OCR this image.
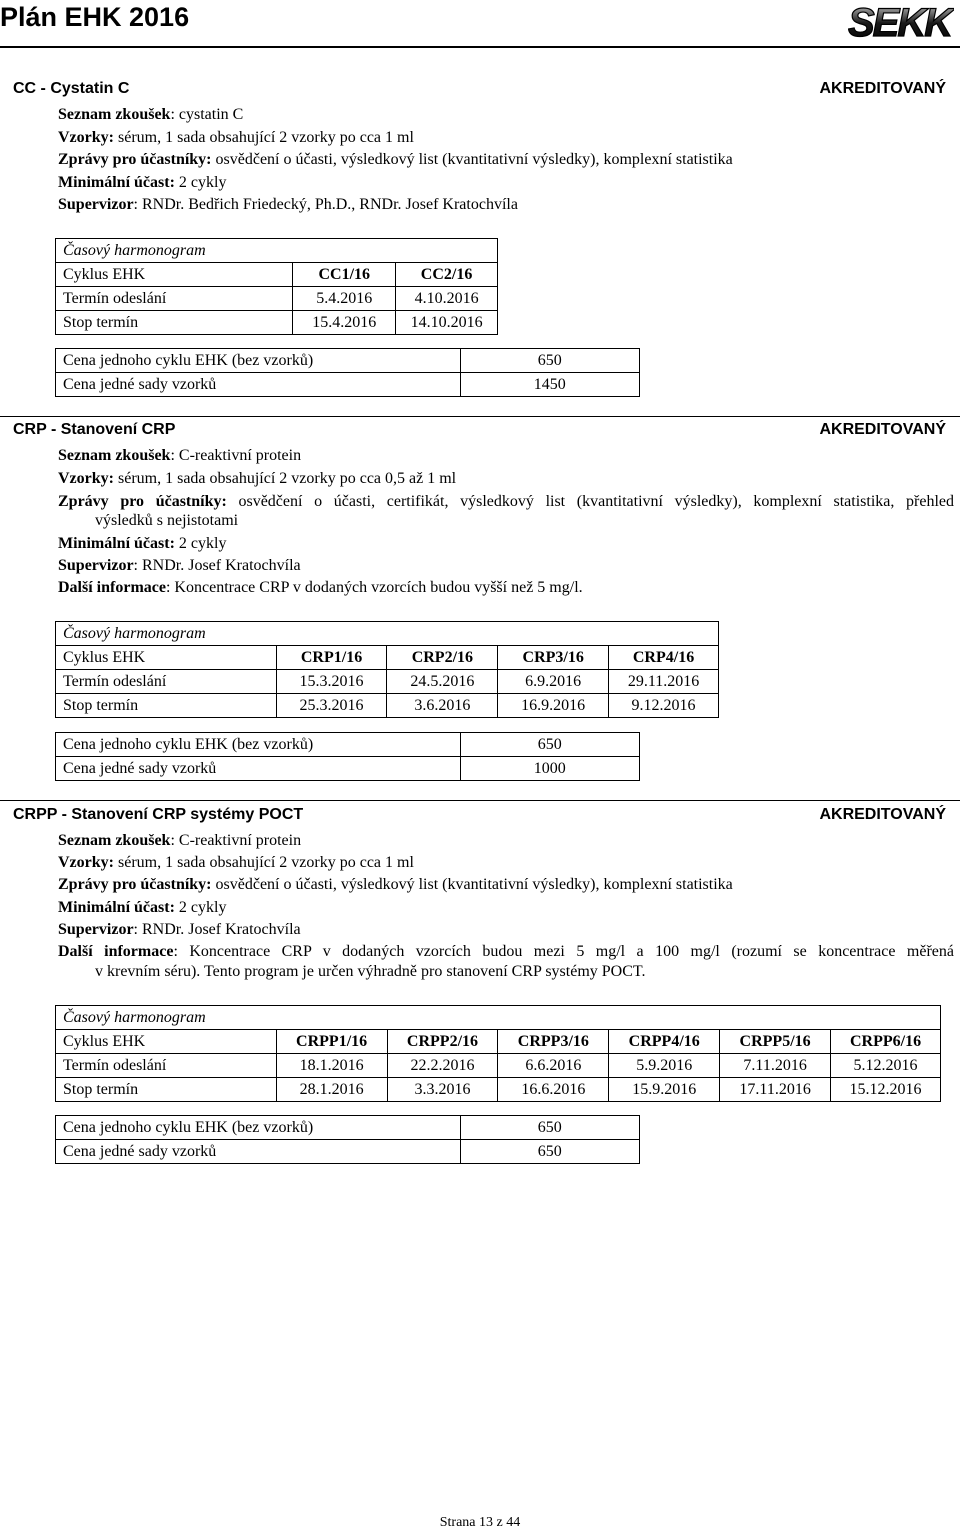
Plán EHK 2016	SEKK
CC - Cystatin C	AKREDITOVANÝ
Seznam zkoušek: cystatin C
Vzorky: sérum, 1 sada obsahující 2 vzorky po cca 1 ml
Zprávy pro účastníky: osvědčení o účasti, výsledkový list (kvantitativní výsledky), komplexní statistika
Minimální účast: 2 cykly
Supervizor: RNDr. Bedřich Friedecký, Ph.D., RNDr. Josef Kratochvíla
Časový harmonogram		
Cyklus EHK	CC1/16	CC2/16
Termín odeslání	5.4.2016	4.10.2016
Stop termín	15.4.2016	14.10.2016
Cena jednoho cyklu EHK (bez vzorků)	650
Cena jedné sady vzorků	1450
CRP - Stanovení CRP	AKREDITOVANÝ
Seznam zkoušek: C-reaktivní protein
Vzorky: sérum, 1 sada obsahující 2 vzorky po cca 0,5 až 1 ml
Zprávy pro účastníky: osvědčení o účasti, certifikát, výsledkový list (kvantitativní výsledky), komplexní statistika, přehled
výsledků s nejistotami
Minimální účast: 2 cykly
Supervizor: RNDr. Josef Kratochvíla
Další informace: Koncentrace CRP v dodaných vzorcích budou vyšší než 5 mg/l.
Časový harmonogram				
Cyklus EHK	CRP1/16	CRP2/16	CRP3/16	CRP4/16
Termín odeslání	15.3.2016	24.5.2016	6.9.2016	29.11.2016
Stop termín	25.3.2016	3.6.2016	16.9.2016	9.12.2016
Cena jednoho cyklu EHK (bez vzorků)	650
Cena jedné sady vzorků	1000
CRPP - Stanovení CRP systémy POCT	AKREDITOVANÝ
Seznam zkoušek: C-reaktivní protein
Vzorky: sérum, 1 sada obsahující 2 vzorky po cca 1 ml
Zprávy pro účastníky: osvědčení o účasti, výsledkový list (kvantitativní výsledky), komplexní statistika
Minimální účast: 2 cykly
Supervizor: RNDr. Josef Kratochvíla
Další informace: Koncentrace CRP v dodaných vzorcích budou mezi 5 mg/l a 100 mg/l (rozumí se koncentrace měřená
v krevním séru). Tento program je určen výhradně pro stanovení CRP systémy POCT.
Časový harmonogram						
Cyklus EHK	CRPP1/16	CRPP2/16	CRPP3/16	CRPP4/16	CRPP5/16	CRPP6/16
Termín odeslání	18.1.2016	22.2.2016	6.6.2016	5.9.2016	7.11.2016	5.12.2016
Stop termín	28.1.2016	3.3.2016	16.6.2016	15.9.2016	17.11.2016	15.12.2016
Cena jednoho cyklu EHK (bez vzorků)	650
Cena jedné sady vzorků	650
Strana 13 z 44
